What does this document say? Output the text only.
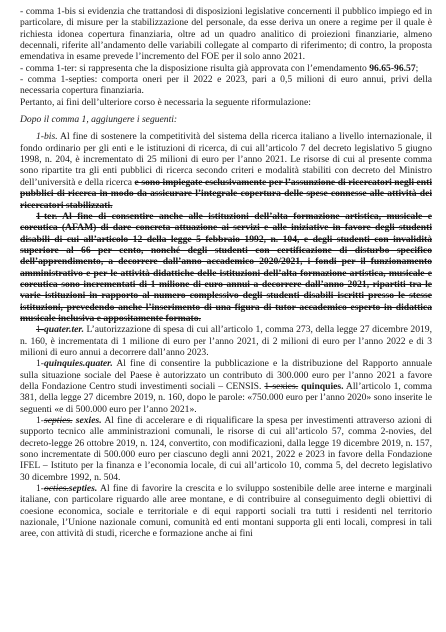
- comma 1-bis si evidenzia che trattandosi di disposizioni legislative concernenti il pubblico impiego ed in particolare, di misure per la stabilizzazione del personale, da esse deriva un onere a regime per il quale è richiesta idonea copertura finanziaria, oltre ad un quadro analitico di proiezioni finanziarie, almeno decennali, riferite all’andamento delle variabili collegate al comparto di riferimento; di contro, la proposta emendativa in esame prevede l’incremento del FOE per il solo anno 2021.

- comma 1-ter: si rappresenta che la disposizione risulta già approvata con l’emendamento 96.65-96.57;

- comma 1-septies: comporta oneri per il 2022 e 2023, pari a 0,5 milioni di euro annui, privi della necessaria copertura finanziaria.

Pertanto, ai fini dell’ulteriore corso è necessaria la seguente riformulazione:

Dopo il comma 1, aggiungere i seguenti:

1-bis. Al fine di sostenere la competitività del sistema della ricerca italiano a livello internazionale, il fondo ordinario per gli enti e le istituzioni di ricerca, di cui all’articolo 7 del decreto legislativo 5 giugno 1998, n. 204, è incrementato di 25 milioni di euro per l’anno 2021. Le risorse di cui al presente comma sono ripartite tra gli enti pubblici di ricerca secondo criteri e modalità stabiliti con decreto del Ministro dell’università e della ricerca e sono impiegate esclusivamente per l’assunzione di ricercatori negli enti pubblici di ricerca in modo da assicurare l’integrale copertura delle spese connesse alle attività dei ricercatori stabilizzati.

1-ter. Al fine di consentire anche alle istituzioni dell’alta formazione artistica, musicale e coreutica (AFAM) di dare concreta attuazione ai servizi e alle iniziative in favore degli studenti disabili di cui all’articolo 12 della legge 5 febbraio 1992, n. 104, e degli studenti con invalidità superiore al 66 per cento, nonché degli studenti con certificazione di disturbo specifico dell’apprendimento, a decorrere dall’anno accademico 2020/2021, i fondi per il funzionamento amministrativo e per le attività didattiche delle istituzioni dell’alta formazione artistica, musicale e coreutica sono incrementati di 1 milione di euro annui a decorrere dall’anno 2021, ripartiti tra le varie istituzioni in rapporto al numero complessivo degli studenti disabili iscritti presso le stesse istituzioni, prevedendo anche l’inserimento di una figura di tutor accademico esperto in didattica musicale inclusiva e appositamente formato.

1-quater.ter. L’autorizzazione di spesa di cui all’articolo 1, comma 273, della legge 27 dicembre 2019, n. 160, è incrementata di 1 milione di euro per l’anno 2021, di 2 milioni di euro per l’anno 2022 e di 3 milioni di euro annui a decorrere dall’anno 2023.

1-quinquies.quater. Al fine di consentire la pubblicazione e la distribuzione del Rapporto annuale sulla situazione sociale del Paese è autorizzato un contributo di 300.000 euro per l’anno 2021 a favore della Fondazione Centro studi investimenti sociali – CENSIS. 1-sexies. quinquies. All’articolo 1, comma 381, della legge 27 dicembre 2019, n. 160, dopo le parole: «750.000 euro per l’anno 2020» sono inserite le seguenti «e di 500.000 euro per l’anno 2021».

1-septies. sexies. Al fine di accelerare e di riqualificare la spesa per investimenti attraverso azioni di supporto tecnico alle amministrazioni comunali, le risorse di cui all’articolo 57, comma 2-novies, del decreto-legge 26 ottobre 2019, n. 124, convertito, con modificazioni, dalla legge 19 dicembre 2019, n. 157, sono incrementate di 500.000 euro per ciascuno degli anni 2021, 2022 e 2023 in favore della Fondazione IFEL – Istituto per la finanza e l’economia locale, di cui all’articolo 10, comma 5, del decreto legislativo 30 dicembre 1992, n. 504.

1-octies.septies. Al fine di favorire la crescita e lo sviluppo sostenibile delle aree interne e marginali italiane, con particolare riguardo alle aree montane, e di contribuire al conseguimento degli obiettivi di coesione economica, sociale e territoriale e di equi rapporti sociali tra tutti i residenti nel territorio nazionale, l’Unione nazionale comuni, comunità ed enti montani supporta gli enti locali, compresi in tali aree, con attività di studi, ricerche e formazione anche ai fini
